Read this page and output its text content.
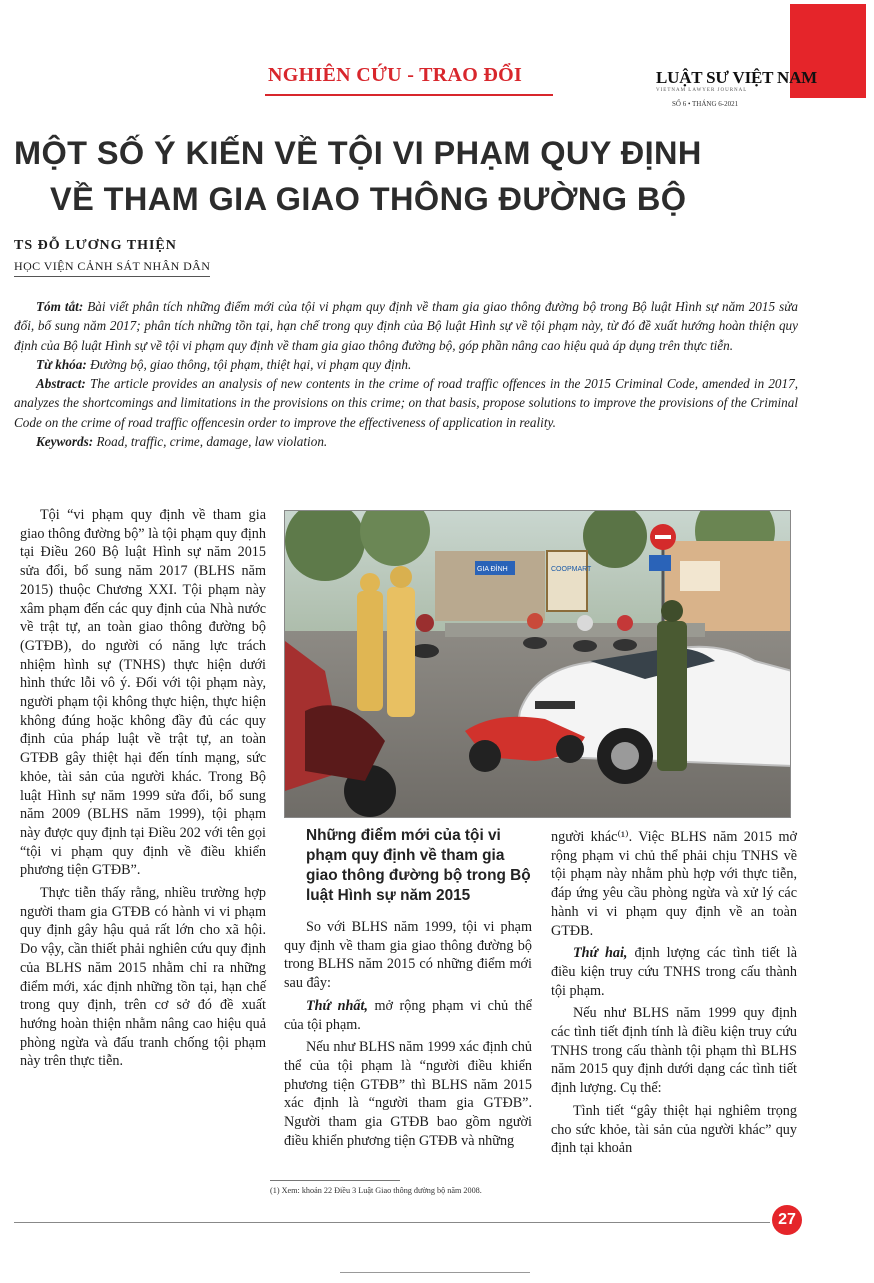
NGHIÊN CỨU - TRAO ĐỔI	LUẬT SƯ VIỆT NAM
VIETNAM LAWYER JOURNAL
SỐ 6 • THÁNG 6-2021
MỘT SỐ Ý KIẾN VỀ TỘI VI PHẠM QUY ĐỊNH
VỀ THAM GIA GIAO THÔNG ĐƯỜNG BỘ
TS ĐỖ LƯƠNG THIỆN
HỌC VIỆN CẢNH SÁT NHÂN DÂN

Tóm tắt: Bài viết phân tích những điểm mới của tội vi phạm quy định về tham gia giao thông đường bộ trong Bộ luật Hình sự năm 2015 sửa đổi, bổ sung năm 2017; phân tích những tồn tại, hạn chế trong quy định của Bộ luật Hình sự về tội phạm này, từ đó đề xuất hướng hoàn thiện quy định của Bộ luật Hình sự về tội vi phạm quy định về tham gia giao thông đường bộ, góp phần nâng cao hiệu quả áp dụng trên thực tiễn.

Từ khóa: Đường bộ, giao thông, tội phạm, thiệt hại, vi phạm quy định.

Abstract: The article provides an analysis of new contents in the crime of road traffic offences in the 2015 Criminal Code, amended in 2017, analyzes the shortcomings and limitations in the provisions on this crime; on that basis, propose solutions to improve the provisions of the Criminal Code on the crime of road traffic offencesin order to improve the effectiveness of application in reality.

Keywords: Road, traffic, crime, damage, law violation.

Tội “vi phạm quy định về tham gia giao thông đường bộ” là tội phạm quy định tại Điều 260 Bộ luật Hình sự năm 2015 sửa đổi, bổ sung năm 2017 (BLHS năm 2015) thuộc Chương XXI. Tội phạm này xâm phạm đến các quy định của Nhà nước về trật tự, an toàn giao thông đường bộ (GTĐB), do người có năng lực trách nhiệm hình sự (TNHS) thực hiện dưới hình thức lỗi vô ý. Đối với tội phạm này, người phạm tội không thực hiện, thực hiện không đúng hoặc không đầy đủ các quy định của pháp luật về trật tự, an toàn GTĐB gây thiệt hại đến tính mạng, sức khỏe, tài sản của người khác. Trong Bộ luật Hình sự năm 1999 sửa đổi, bổ sung năm 2009 (BLHS năm 1999), tội phạm này được quy định tại Điều 202 với tên gọi “tội vi phạm quy định về điều khiển phương tiện GTĐB”.

Thực tiễn thấy rằng, nhiều trường hợp người tham gia GTĐB có hành vi vi phạm quy định gây hậu quả rất lớn cho xã hội. Do vậy, cần thiết phải nghiên cứu quy định của BLHS năm 2015 nhằm chỉ ra những điểm mới, xác định những tồn tại, hạn chế trong quy định, trên cơ sở đó đề xuất hướng hoàn thiện nhằm nâng cao hiệu quả phòng ngừa và đấu tranh chống tội phạm này trên thực tiễn.

COOPMART
GIA ĐÌNH
Những điểm mới của tội vi phạm quy định về tham gia giao thông đường bộ trong Bộ luật Hình sự năm 2015

So với BLHS năm 1999, tội vi phạm quy định về tham gia giao thông đường bộ trong BLHS năm 2015 có những điểm mới sau đây:

Thứ nhất, mở rộng phạm vi chủ thể của tội phạm.

Nếu như BLHS năm 1999 xác định chủ thể của tội phạm là “người điều khiển phương tiện GTĐB” thì BLHS năm 2015 xác định là “người tham gia GTĐB”. Người tham gia GTĐB bao gồm người điều khiển phương tiện GTĐB và những

người khác⁽¹⁾. Việc BLHS năm 2015 mở rộng phạm vi chủ thể phải chịu TNHS về tội phạm này nhằm phù hợp với thực tiễn, đáp ứng yêu cầu phòng ngừa và xử lý các hành vi vi phạm quy định về an toàn GTĐB.

Thứ hai, định lượng các tình tiết là điều kiện truy cứu TNHS trong cấu thành tội phạm.

Nếu như BLHS năm 1999 quy định các tình tiết định tính là điều kiện truy cứu TNHS trong cấu thành tội phạm thì BLHS năm 2015 quy định dưới dạng các tình tiết định lượng. Cụ thể:

Tình tiết “gây thiệt hại nghiêm trọng cho sức khỏe, tài sản của người khác” quy định tại khoản

(1) Xem: khoản 22 Điều 3 Luật Giao thông đường bộ năm 2008.
27
